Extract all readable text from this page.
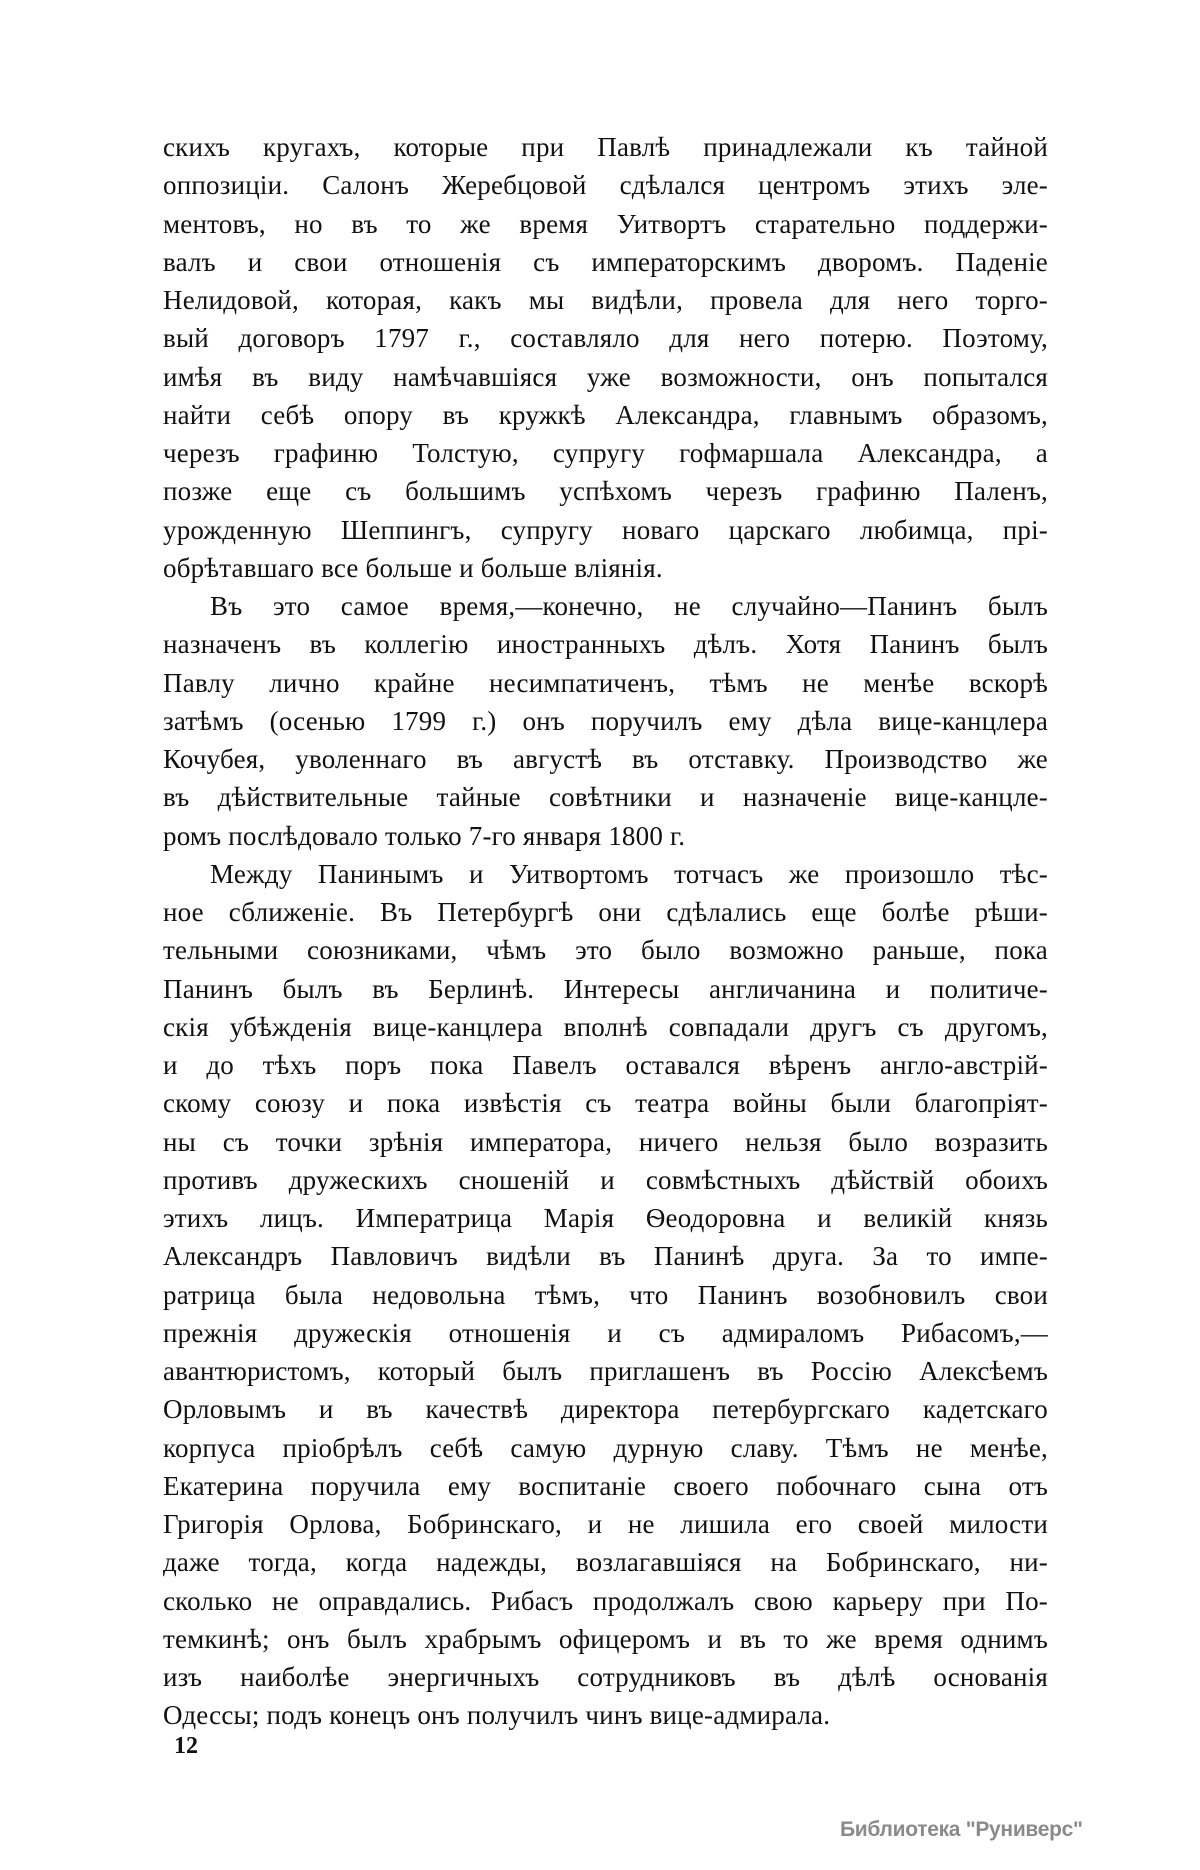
скихъ кругахъ, которые при Павлѣ принадлежали къ тайной
оппозиціи. Салонъ Жеребцовой сдѣлался центромъ этихъ эле-
ментовъ, но въ то же время Уитвортъ старательно поддержи-
валъ и свои отношенія съ императорскимъ дворомъ. Паденіе
Нелидовой, которая, какъ мы видѣли, провела для него торго-
вый договоръ 1797 г., составляло для него потерю. Поэтому,
имѣя въ виду намѣчавшіяся уже возможности, онъ попытался
найти себѣ опору въ кружкѣ Александра, главнымъ образомъ,
черезъ графиню Толстую, супругу гофмаршала Александра, а
позже еще съ большимъ успѣхомъ черезъ графиню Паленъ,
урожденную Шеппингъ, супругу новаго царскаго любимца, прі-
обрѣтавшаго все больше и больше вліянія.
Въ это самое время,—конечно, не случайно—Панинъ былъ
назначенъ въ коллегію иностранныхъ дѣлъ. Хотя Панинъ былъ
Павлу лично крайне несимпатиченъ, тѣмъ не менѣе вскорѣ
затѣмъ (осенью 1799 г.) онъ поручилъ ему дѣла вице-канцлера
Кочубея, уволеннаго въ августѣ въ отставку. Производство же
въ дѣйствительные тайные совѣтники и назначеніе вице-канцле-
ромъ послѣдовало только 7-го января 1800 г.
Между Панинымъ и Уитвортомъ тотчасъ же произошло тѣс-
ное сближеніе. Въ Петербургѣ они сдѣлались еще болѣе рѣши-
тельными союзниками, чѣмъ это было возможно раньше, пока
Панинъ былъ въ Берлинѣ. Интересы англичанина и политиче-
скія убѣжденія вице-канцлера вполнѣ совпадали другъ съ другомъ,
и до тѣхъ поръ пока Павелъ оставался вѣренъ англо-австрій-
скому союзу и пока извѣстія съ театра войны были благопріят-
ны съ точки зрѣнія императора, ничего нельзя было возразить
противъ дружескихъ сношеній и совмѣстныхъ дѣйствій обоихъ
этихъ лицъ. Императрица Марія Ѳеодоровна и великій князь
Александръ Павловичъ видѣли въ Панинѣ друга. За то импе-
ратрица была недовольна тѣмъ, что Панинъ возобновилъ свои
прежнія дружескія отношенія и съ адмираломъ Рибасомъ,—
авантюристомъ, который былъ приглашенъ въ Россію Алексѣемъ
Орловымъ и въ качествѣ директора петербургскаго кадетскаго
корпуса пріобрѣлъ себѣ самую дурную славу. Тѣмъ не менѣе,
Екатерина поручила ему воспитаніе своего побочнаго сына отъ
Григорія Орлова, Бобринскаго, и не лишила его своей милости
даже тогда, когда надежды, возлагавшіяся на Бобринскаго, ни-
сколько не оправдались. Рибасъ продолжалъ свою карьеру при По-
темкинѣ; онъ былъ храбрымъ офицеромъ и въ то же время однимъ
изъ наиболѣе энергичныхъ сотрудниковъ въ дѣлѣ основанія
Одессы; подъ конецъ онъ получилъ чинъ вице-адмирала.
12
Библиотека "Руниверс"
